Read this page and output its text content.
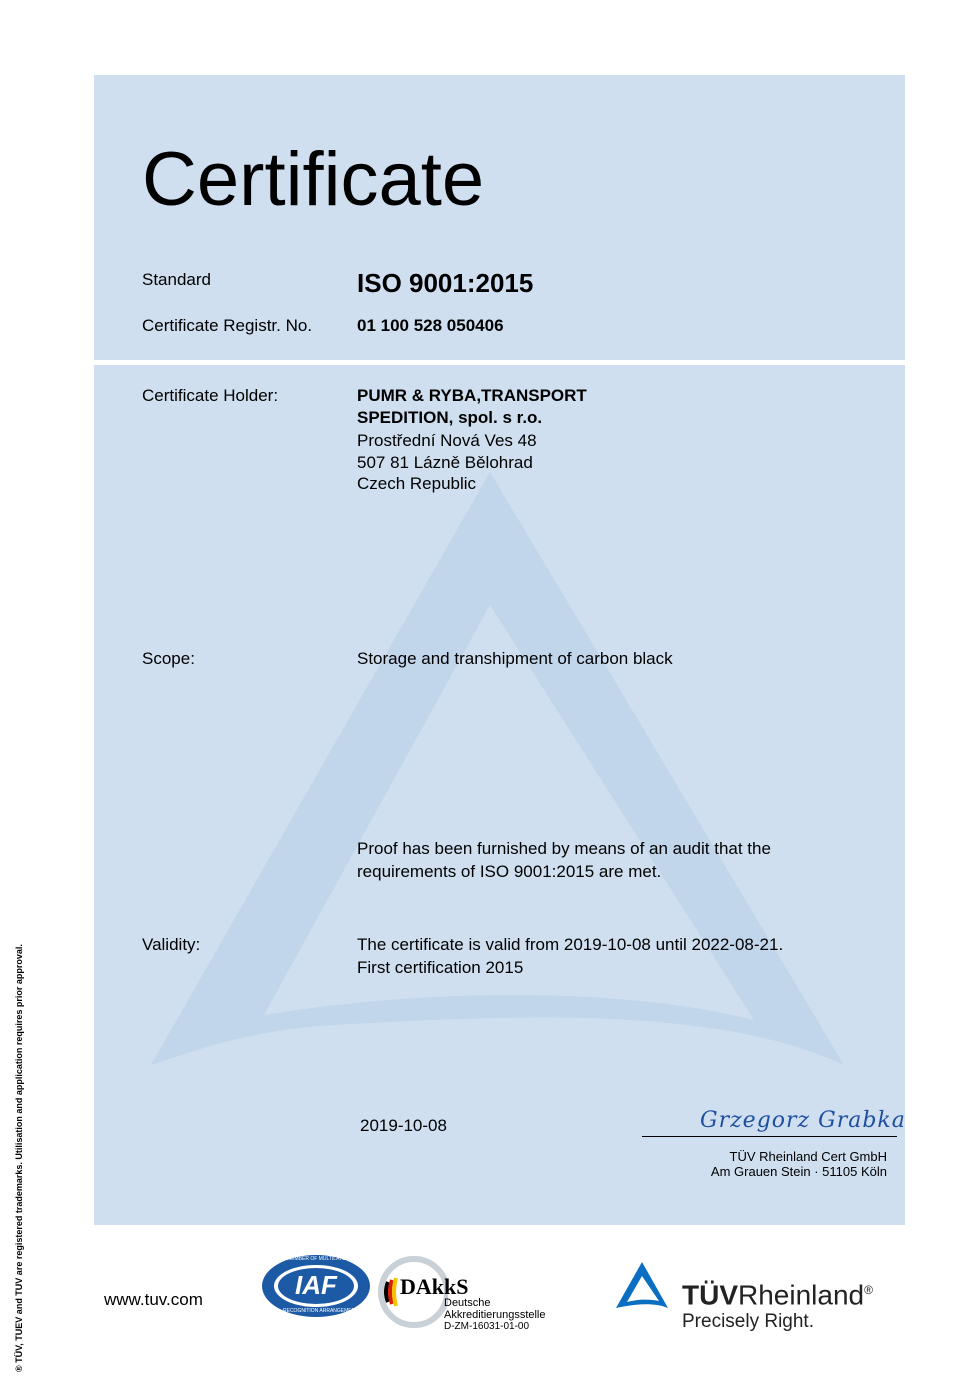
Certificate
Standard	ISO 9001:2015
Certificate Registr. No.	01 100 528 050406
Certificate Holder:	PUMR & RYBA,TRANSPORT
SPEDITION, spol. s r.o.
Prostřední Nová Ves 48
507 81 Lázně Bělohrad
Czech Republic
Scope:	Storage and transhipment of carbon black
Proof has been furnished by means of an audit that the
requirements of ISO 9001:2015 are met.
Validity:	The certificate is valid from 2019-10-08 until 2022-08-21.
First certification 2015
2019-10-08	Grzegorz Grabka
TÜV Rheinland Cert GmbH
Am Grauen Stein · 51105 Köln
® TÜV, TUEV and TUV are registered trademarks. Utilisation and application requires prior approval.	www.tuv.com	IAF
MEMBER OF MULTILATERAL
RECOGNITION ARRANGEMENT
DAkkS
Deutsche
Akkreditierungsstelle
D-ZM-16031-01-00
TÜVRheinland®
Precisely Right.
